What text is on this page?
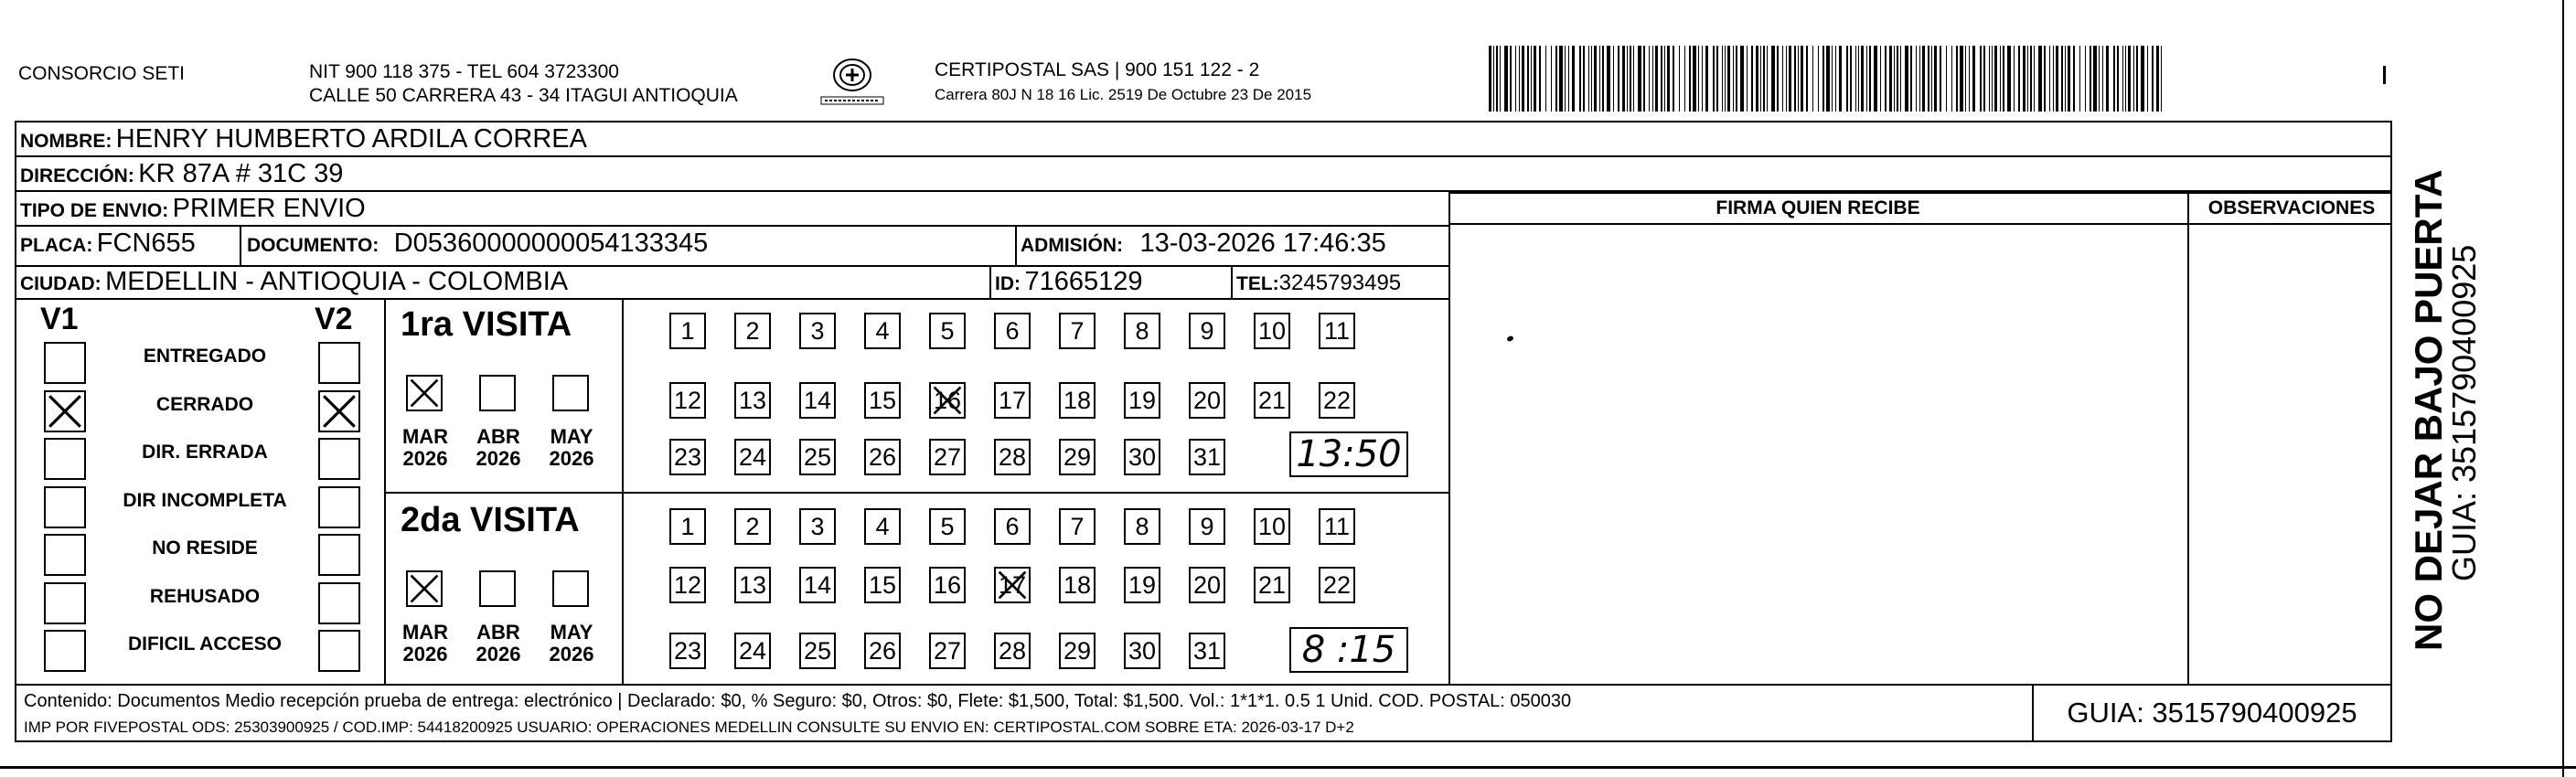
CONSORCIO SETI	NIT 900 118 375 - TEL 604 3723300
CALLE 50 CARRERA 43 - 34 ITAGUI ANTIOQUIA
CERTIPOSTAL SAS | 900 151 122 - 2
Carrera 80J N 18 16 Lic. 2519 De Octubre 23 De 2015
NOMBRE: HENRY HUMBERTO ARDILA CORREA
DIRECCIÓN: KR 87A # 31C 39
TIPO DE ENVIO: PRIMER ENVIO	FIRMA QUIEN RECIBE	OBSERVACIONES
PLACA: FCN655	DOCUMENTO: D05360000000054133345	ADMISIÓN: 13-03-2026 17:46:35
CIUDAD: MEDELLIN - ANTIOQUIA - COLOMBIA	ID: 71665129	TEL:3245793495
V1	V2
ENTREGADO
CERRADO
DIR. ERRADA
DIR INCOMPLETA
NO RESIDE
REHUSADO
DIFICIL ACCESO
1ra VISITA
2da VISITA
MAR
2026
ABR
2026
MAY
2026
MAR
2026
ABR
2026
MAY
2026
1	2	3	4	5	6	7	8	9	10 11
12 13 14 15 16 17 18 19 20 21 22
23 24 25 26 27 28 29 30 31
1	2	3	4	5	6	7	8	9	10 11
12 13 14 15 16 17 18 19 20 21 22
23 24 25 26 27 28 29 30 31
13:50
8 :15
Contenido: Documentos Medio recepción prueba de entrega: electrónico | Declarado: $0, % Seguro: $0, Otros: $0, Flete: $1,500, Total: $1,500. Vol.: 1*1*1. 0.5 1 Unid. COD. POSTAL: 050030
IMP POR FIVEPOSTAL ODS: 25303900925 / COD.IMP: 54418200925 USUARIO: OPERACIONES MEDELLIN CONSULTE SU ENVIO EN: CERTIPOSTAL.COM SOBRE ETA: 2026-03-17 D+2	GUIA: 3515790400925
NO DEJAR BAJO PUERTA
GUIA: 3515790400925
